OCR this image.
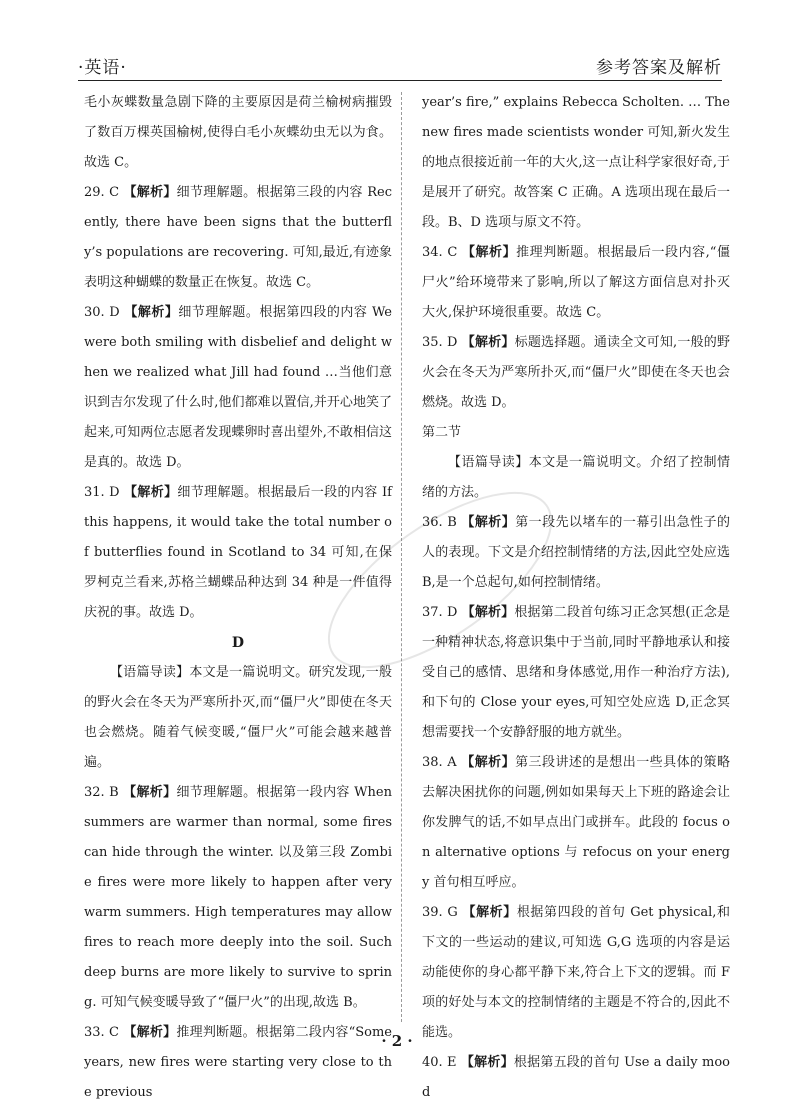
·英语·	参考答案及解析

毛小灰蝶数量急剧下降的主要原因是荷兰榆树病摧毁了数百万棵英国榆树,使得白毛小灰蝶幼虫无以为食。故选 C。

29. C 【解析】细节理解题。根据第三段的内容 Recently, there have been signs that the butterfly’s populations are recovering. 可知,最近,有迹象表明这种蝴蝶的数量正在恢复。故选 C。

30. D 【解析】细节理解题。根据第四段的内容 We were both smiling with disbelief and delight when we realized what Jill had found …当他们意识到吉尔发现了什么时,他们都难以置信,并开心地笑了起来,可知两位志愿者发现蝶卵时喜出望外,不敢相信这是真的。故选 D。

31. D 【解析】细节理解题。根据最后一段的内容 If this happens, it would take the total number of butterflies found in Scotland to 34 可知,在保罗柯克兰看来,苏格兰蝴蝶品种达到 34 种是一件值得庆祝的事。故选 D。

D

【语篇导读】本文是一篇说明文。研究发现,一般的野火会在冬天为严寒所扑灭,而“僵尸火”即使在冬天也会燃烧。随着气候变暖,“僵尸火”可能会越来越普遍。

32. B 【解析】细节理解题。根据第一段内容 When summers are warmer than normal, some fires can hide through the winter. 以及第三段 Zombie fires were more likely to happen after very warm summers. High temperatures may allow fires to reach more deeply into the soil. Such deep burns are more likely to survive to spring. 可知气候变暖导致了“僵尸火”的出现,故选 B。

33. C 【解析】推理判断题。根据第二段内容“Some years, new fires were starting very close to the previous

year’s fire,” explains Rebecca Scholten. … The new fires made scientists wonder 可知,新火发生的地点很接近前一年的大火,这一点让科学家很好奇,于是展开了研究。故答案 C 正确。A 选项出现在最后一段。B、D 选项与原文不符。

34. C 【解析】推理判断题。根据最后一段内容,“僵尸火”给环境带来了影响,所以了解这方面信息对扑灭大火,保护环境很重要。故选 C。

35. D 【解析】标题选择题。通读全文可知,一般的野火会在冬天为严寒所扑灭,而“僵尸火”即使在冬天也会燃烧。故选 D。

第二节

【语篇导读】本文是一篇说明文。介绍了控制情绪的方法。

36. B 【解析】第一段先以堵车的一幕引出急性子的人的表现。下文是介绍控制情绪的方法,因此空处应选 B,是一个总起句,如何控制情绪。

37. D 【解析】根据第二段首句练习正念冥想(正念是一种精神状态,将意识集中于当前,同时平静地承认和接受自己的感情、思绪和身体感觉,用作一种治疗方法),和下句的 Close your eyes,可知空处应选 D,正念冥想需要找一个安静舒服的地方就坐。

38. A 【解析】第三段讲述的是想出一些具体的策略去解决困扰你的问题,例如如果每天上下班的路途会让你发脾气的话,不如早点出门或拼车。此段的 focus on alternative options 与 refocus on your energy 首句相互呼应。

39. G 【解析】根据第四段的首句 Get physical,和下文的一些运动的建议,可知选 G,G 选项的内容是运动能使你的身心都平静下来,符合上下文的逻辑。而 F 项的好处与本文的控制情绪的主题是不符合的,因此不能选。

40. E 【解析】根据第五段的首句 Use a daily mood

· 2 ·
